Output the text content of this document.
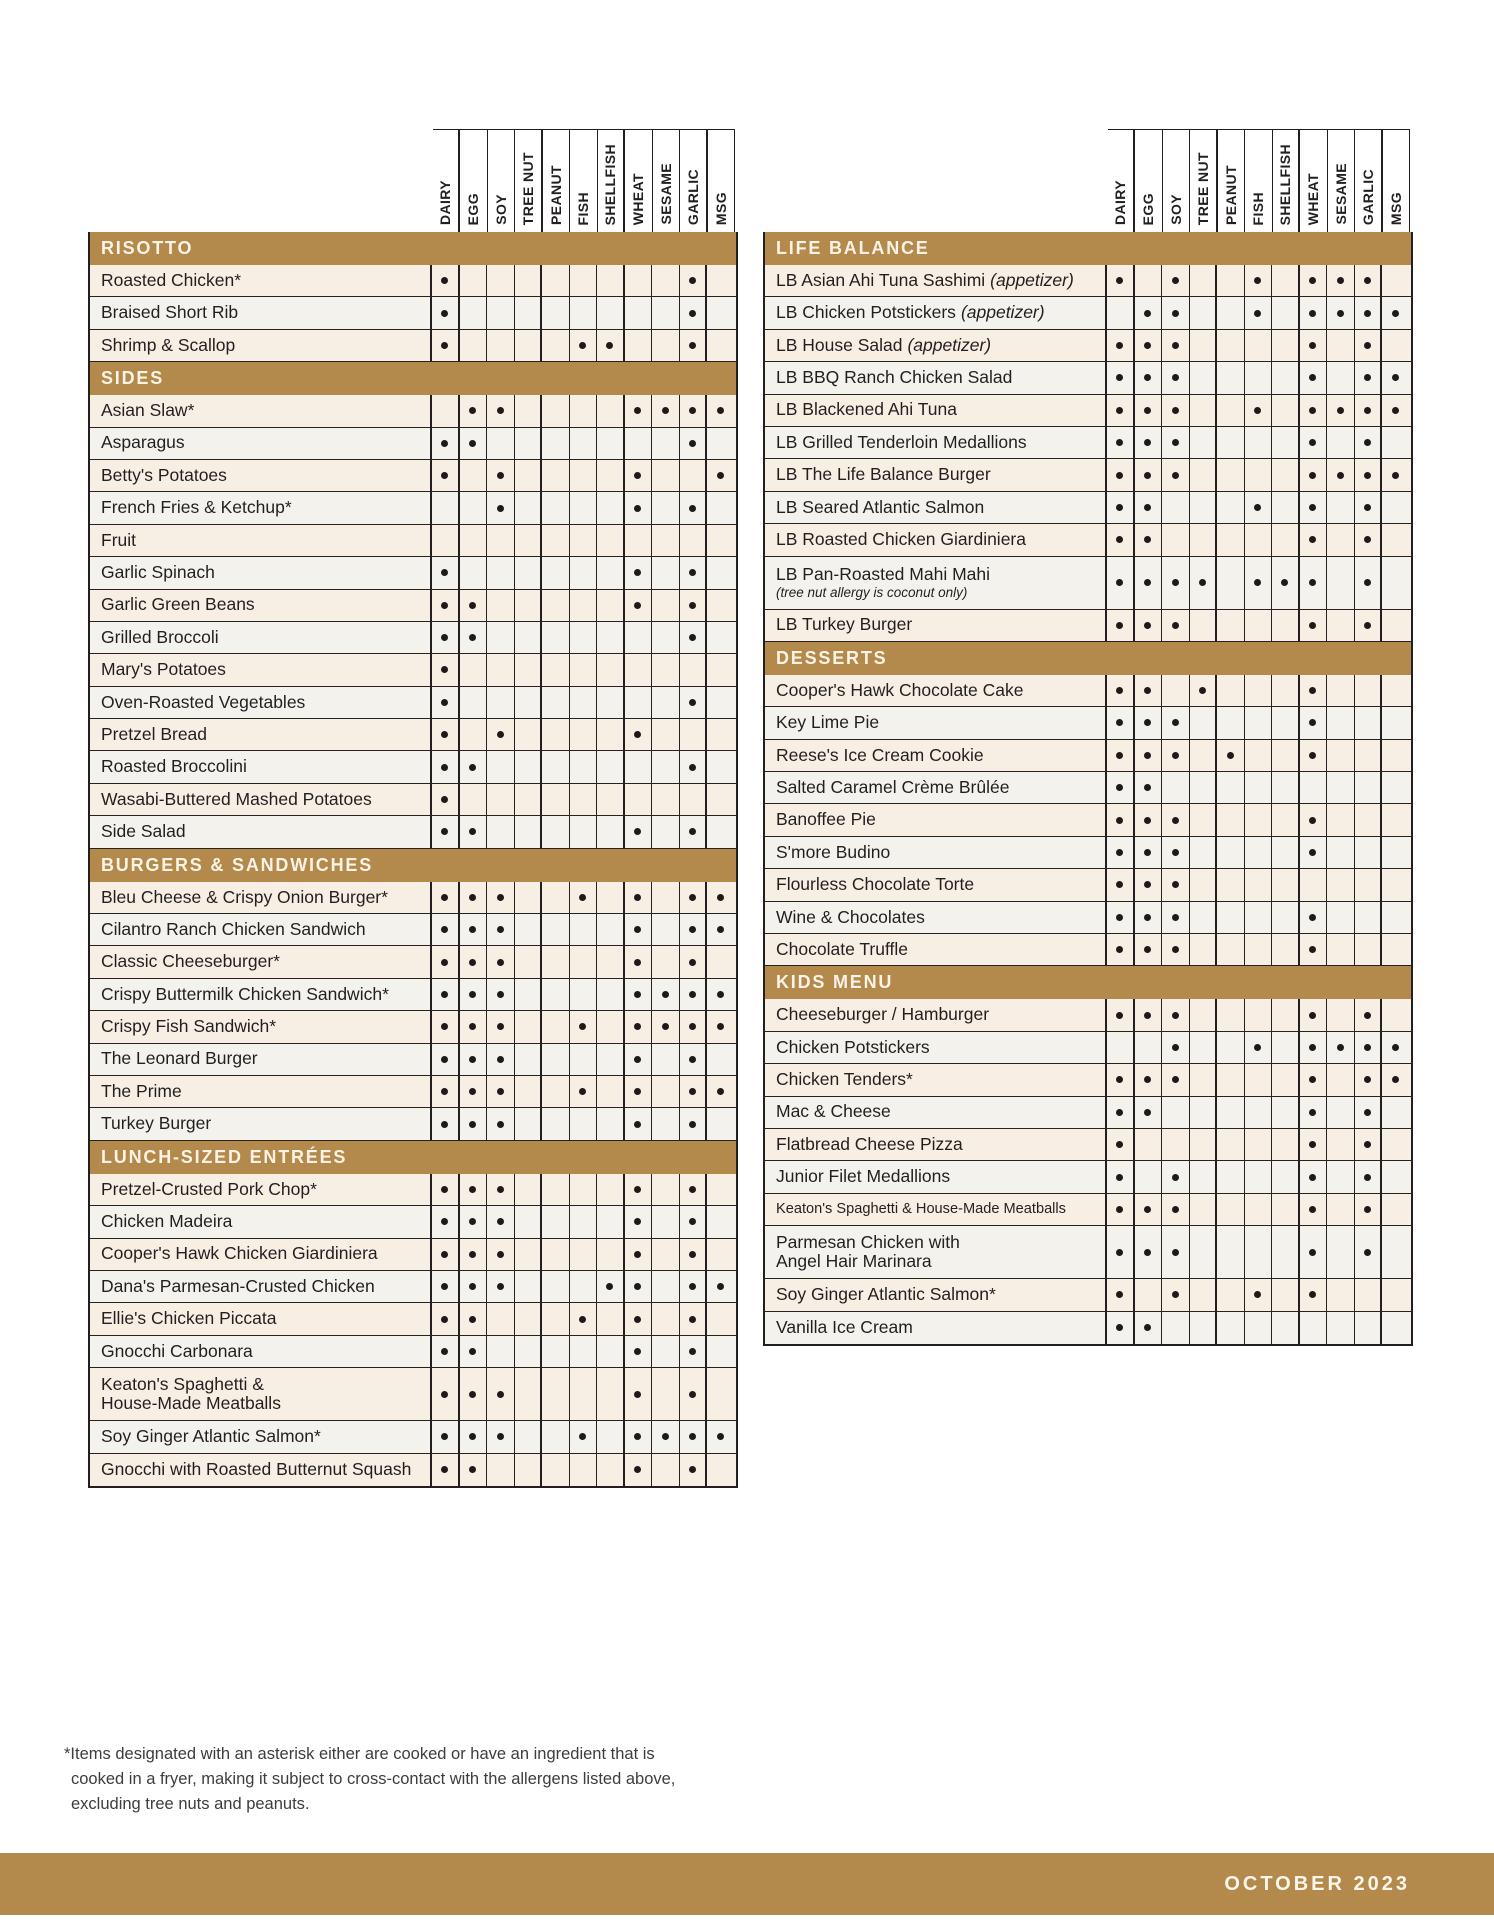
DAIRY EGG SOY TREE NUT PEANUT FISH SHELLFISH WHEAT SESAME GARLIC MSG
RISOTTO
Roasted Chicken*
Braised Short Rib
Shrimp & Scallop
SIDES
Asian Slaw*
Asparagus
Betty's Potatoes
French Fries & Ketchup*
Fruit
Garlic Spinach
Garlic Green Beans
Grilled Broccoli
Mary's Potatoes
Oven-Roasted Vegetables
Pretzel Bread
Roasted Broccolini
Wasabi-Buttered Mashed Potatoes
Side Salad
BURGERS & SANDWICHES
Bleu Cheese & Crispy Onion Burger*
Cilantro Ranch Chicken Sandwich
Classic Cheeseburger*
Crispy Buttermilk Chicken Sandwich*
Crispy Fish Sandwich*
The Leonard Burger
The Prime
Turkey Burger
LUNCH-SIZED ENTRÉES
Pretzel-Crusted Pork Chop*
Chicken Madeira
Cooper's Hawk Chicken Giardiniera
Dana's Parmesan-Crusted Chicken
Ellie's Chicken Piccata
Gnocchi Carbonara
Keaton's Spaghetti &
House-Made Meatballs
Soy Ginger Atlantic Salmon*
Gnocchi with Roasted Butternut Squash
DAIRY EGG SOY TREE NUT PEANUT FISH SHELLFISH WHEAT SESAME GARLIC MSG
LIFE BALANCE
LB Asian Ahi Tuna Sashimi (appetizer)
LB Chicken Potstickers (appetizer)
LB House Salad (appetizer)
LB BBQ Ranch Chicken Salad
LB Blackened Ahi Tuna
LB Grilled Tenderloin Medallions
LB The Life Balance Burger
LB Seared Atlantic Salmon
LB Roasted Chicken Giardiniera
LB Pan-Roasted Mahi Mahi
(tree nut allergy is coconut only)
LB Turkey Burger
DESSERTS
Cooper's Hawk Chocolate Cake
Key Lime Pie
Reese's Ice Cream Cookie
Salted Caramel Crème Brûlée
Banoffee Pie
S'more Budino
Flourless Chocolate Torte
Wine & Chocolates
Chocolate Truffle
KIDS MENU
Cheeseburger / Hamburger
Chicken Potstickers
Chicken Tenders*
Mac & Cheese
Flatbread Cheese Pizza
Junior Filet Medallions
Keaton's Spaghetti & House-Made Meatballs
Parmesan Chicken with
Angel Hair Marinara
Soy Ginger Atlantic Salmon*
Vanilla Ice Cream
*Items designated with an asterisk either are cooked or have an ingredient that is
cooked in a fryer, making it subject to cross-contact with the allergens listed above,
excluding tree nuts and peanuts.
OCTOBER 2023
